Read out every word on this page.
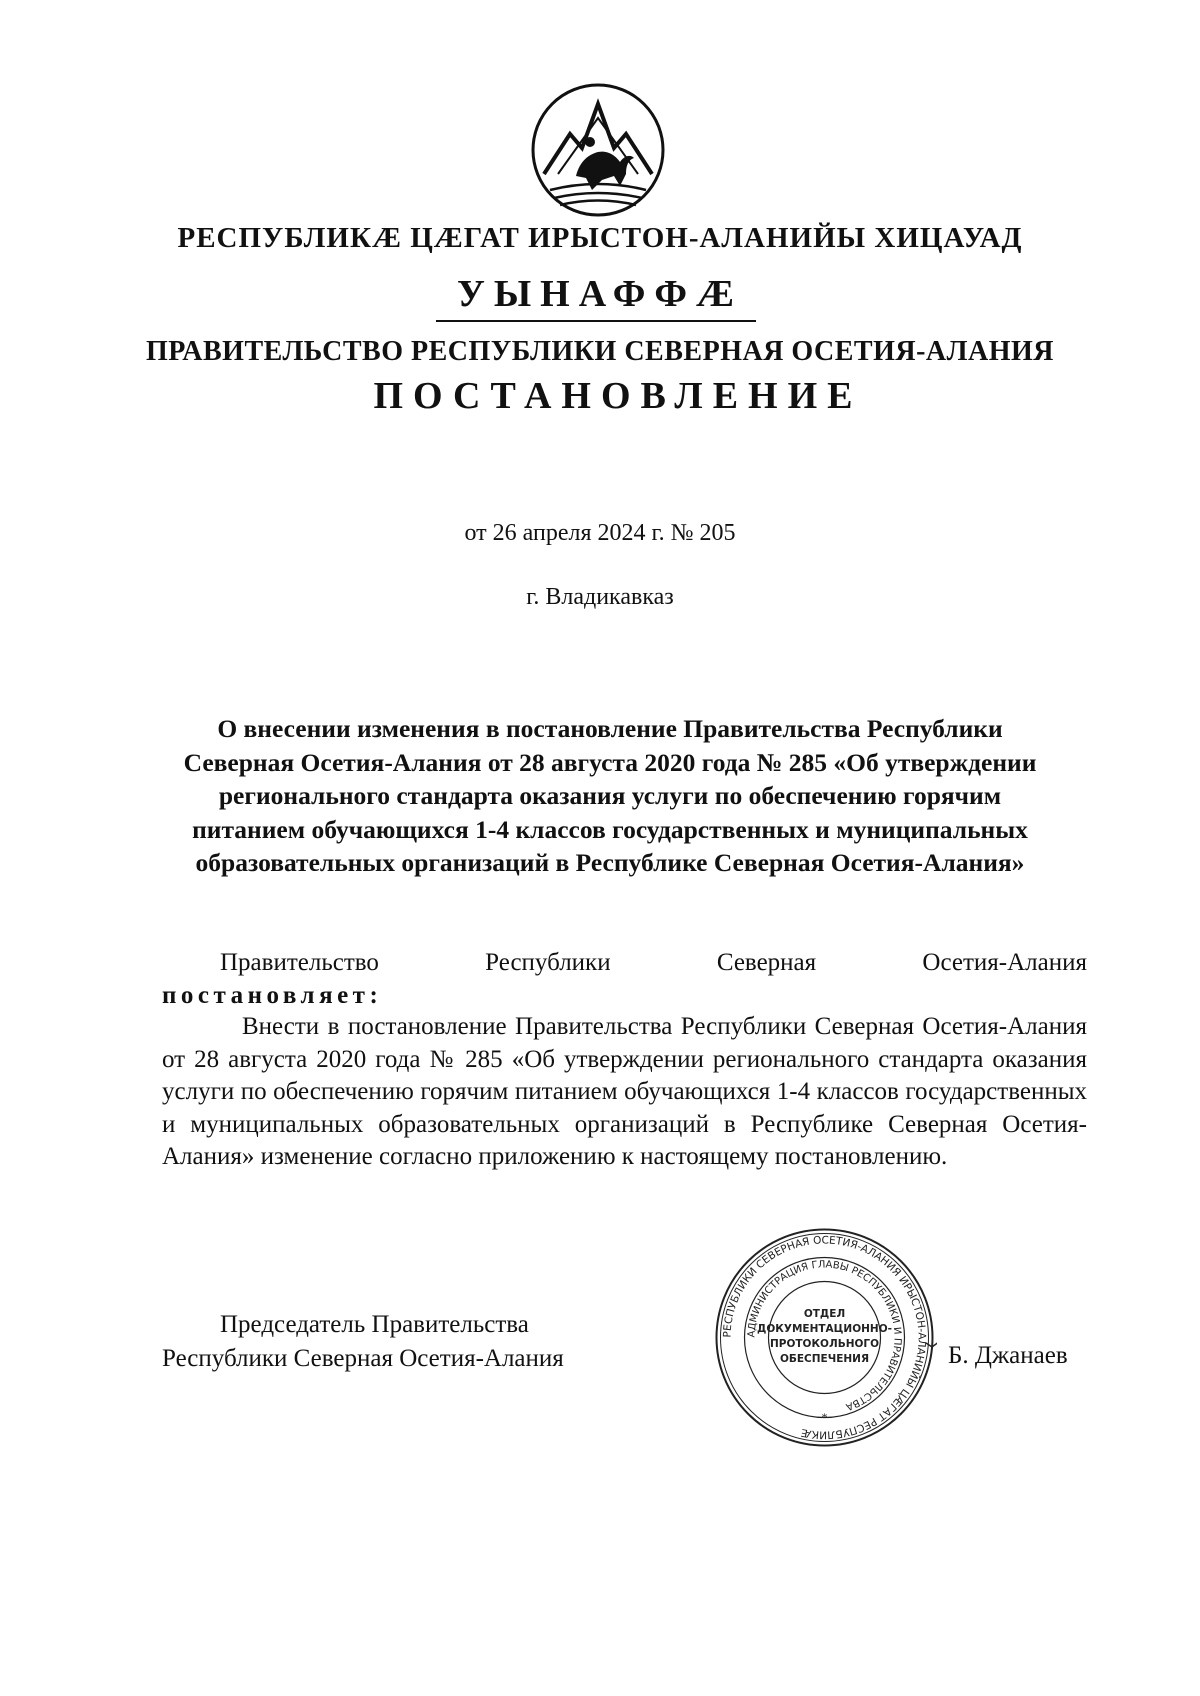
РЕСПУБЛИКӔ ЦӔГАТ ИРЫСТОН-АЛАНИЙЫ ХИЦАУАД
УЫНАФФӔ
ПРАВИТЕЛЬСТВО РЕСПУБЛИКИ СЕВЕРНАЯ ОСЕТИЯ-АЛАНИЯ
ПОСТАНОВЛЕНИЕ
от 26 апреля 2024 г. № 205
г. Владикавказ
О внесении изменения в постановление Правительства Республики Северная Осетия-Алания от 28 августа 2020 года № 285 «Об утверждении регионального стандарта оказания услуги по обеспечению горячим питанием обучающихся 1-4 классов государственных и муниципальных образовательных организаций в Республике Северная Осетия-Алания»
Правительство	Республики	Северная	Осетия-Алания
постановляет:
Внести в постановление Правительства Республики Северная Осетия-Алания от 28 августа 2020 года № 285 «Об утверждении регионального стандарта оказания услуги по обеспечению горячим питанием обучающихся 1-4 классов государственных и муниципальных образовательных организаций в Республике Северная Осетия-Алания» изменение согласно приложению к настоящему постановлению.
Председатель Правительства
Республики Северная Осетия-Алания
РЕСПУБЛИКИ СЕВЕРНАЯ ОСЕТИЯ-АЛАНИЯ ИРЫСТОН-АЛАНИЙЫ ЦӔГАТ РЕСПУБЛИКӔ
АДМИНИСТРАЦИЯ ГЛАВЫ РЕСПУБЛИКИ И ПРАВИТЕЛЬСТВА
ОТДЕЛ
ДОКУМЕНТАЦИОННО-
ПРОТОКОЛЬНОГО
ОБЕСПЕЧЕНИЯ
*
Б. Джанаев
